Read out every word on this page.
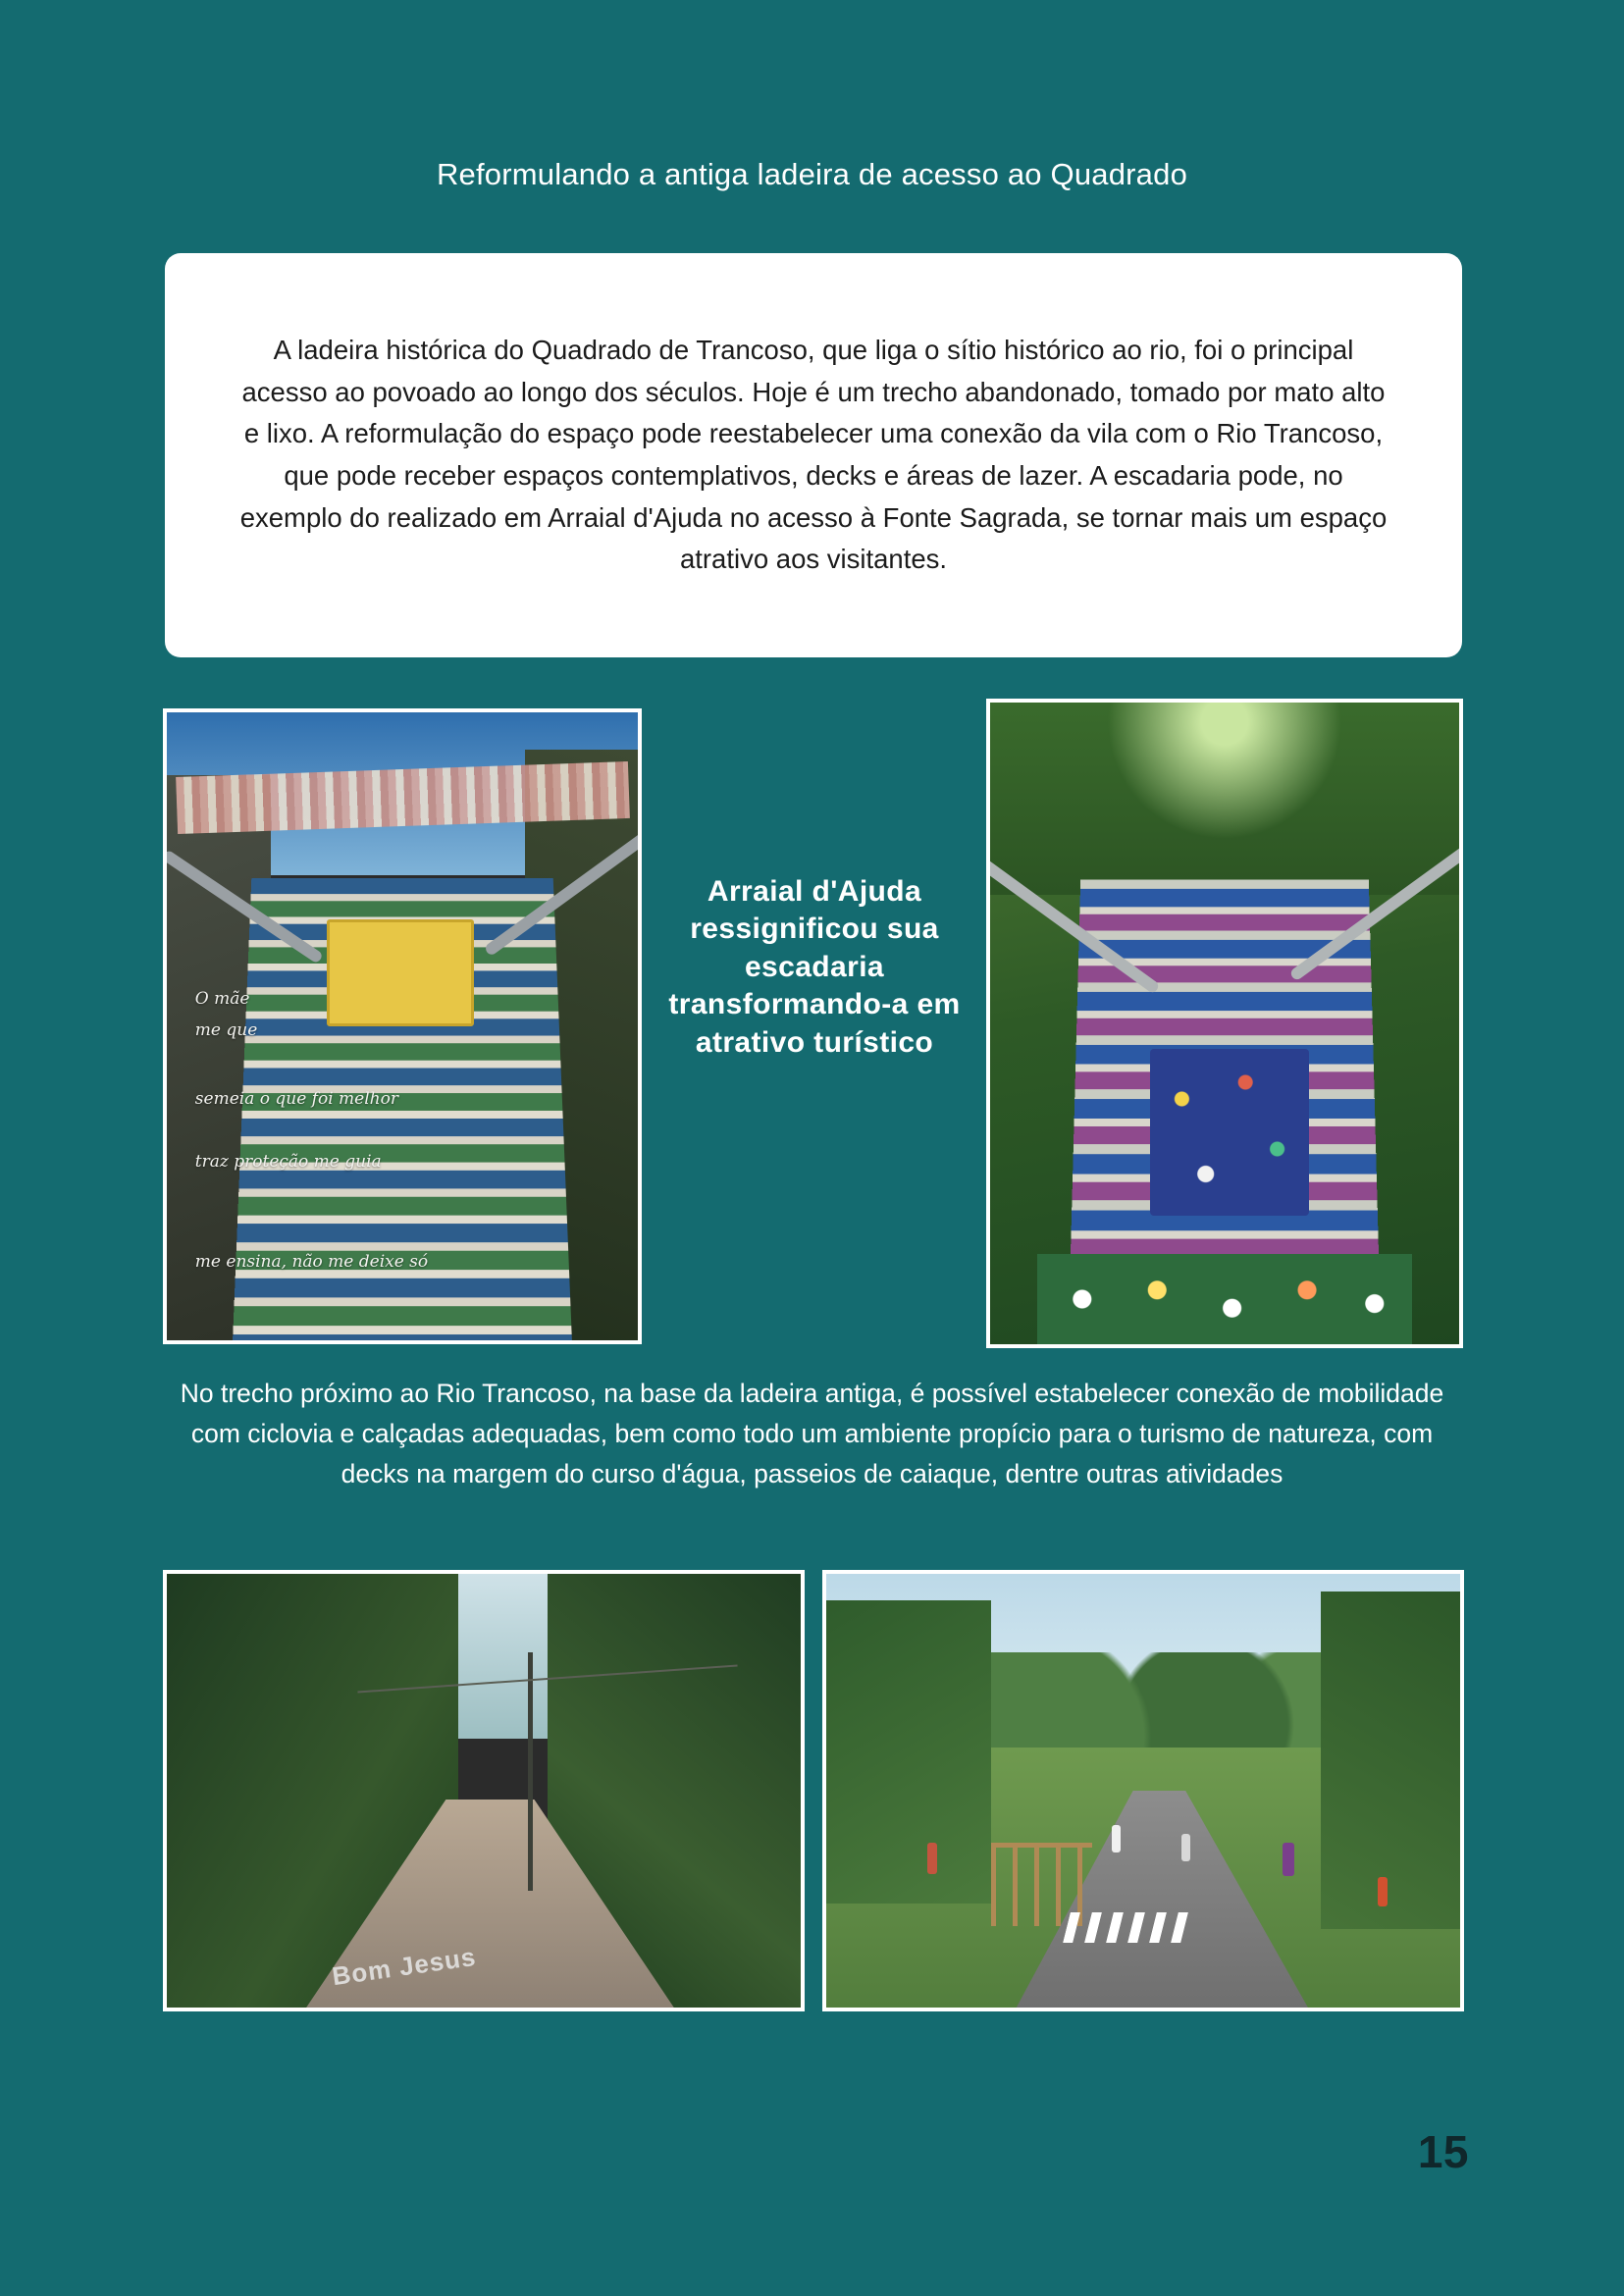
Reformulando a antiga ladeira de acesso ao Quadrado
A ladeira histórica do Quadrado de Trancoso, que liga o sítio histórico ao rio, foi o principal acesso ao povoado ao longo dos séculos. Hoje é um trecho abandonado, tomado por mato alto e lixo. A reformulação do espaço pode reestabelecer uma conexão da vila com o Rio Trancoso, que pode receber espaços contemplativos, decks e áreas de lazer. A escadaria pode, no exemplo do realizado em Arraial d'Ajuda no acesso à Fonte Sagrada, se tornar mais um espaço atrativo aos visitantes.
O mãe
me que
semeia o que foi melhor
traz proteção me guia
me ensina, não me deixe só
Arraial d'Ajuda ressignificou sua escadaria transformando-a em atrativo turístico
No trecho próximo ao Rio Trancoso, na base da ladeira antiga, é possível estabelecer conexão de mobilidade com ciclovia e calçadas adequadas, bem como todo um ambiente propício para o turismo de natureza, com decks na margem do curso d'água, passeios de caiaque, dentre outras atividades
Bom Jesus
15
